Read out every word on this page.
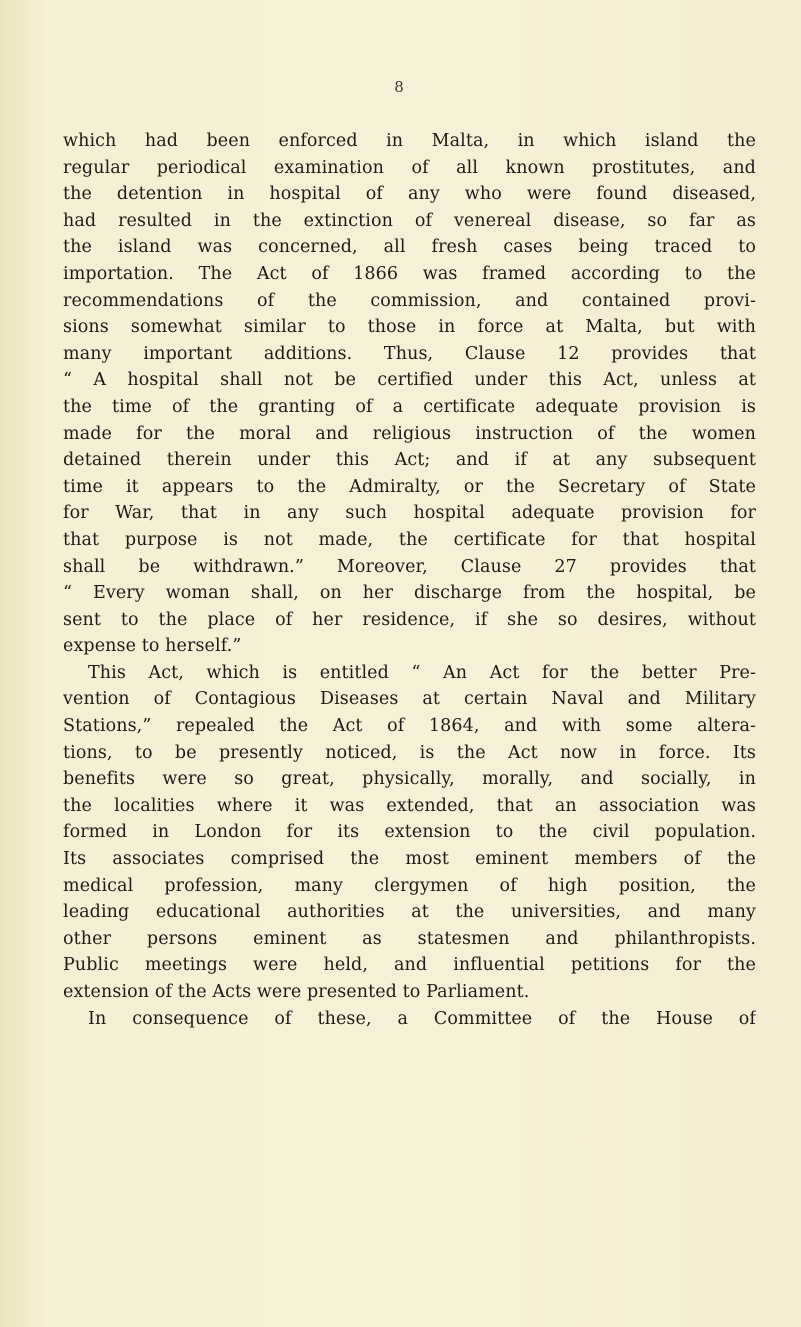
8
which had been enforced in Malta, in which island the
regular periodical examination of all known prostitutes, and
the detention in hospital of any who were found diseased,
had resulted in the extinction of venereal disease, so far as
the island was concerned, all fresh cases being traced to
importation. The Act of 1866 was framed according to the
recommendations of the commission, and contained provi-
sions somewhat similar to those in force at Malta, but with
many important additions. Thus, Clause 12 provides that
“ A hospital shall not be certified under this Act, unless at
the time of the granting of a certificate adequate provision is
made for the moral and religious instruction of the women
detained therein under this Act; and if at any subsequent
time it appears to the Admiralty, or the Secretary of State
for War, that in any such hospital adequate provision for
that purpose is not made, the certificate for that hospital
shall be withdrawn.” Moreover, Clause 27 provides that
“ Every woman shall, on her discharge from the hospital, be
sent to the place of her residence, if she so desires, without
expense to herself.”
This Act, which is entitled “ An Act for the better Pre-
vention of Contagious Diseases at certain Naval and Military
Stations,” repealed the Act of 1864, and with some altera-
tions, to be presently noticed, is the Act now in force. Its
benefits were so great, physically, morally, and socially, in
the localities where it was extended, that an association was
formed in London for its extension to the civil population.
Its associates comprised the most eminent members of the
medical profession, many clergymen of high position, the
leading educational authorities at the universities, and many
other persons eminent as statesmen and philanthropists.
Public meetings were held, and influential petitions for the
extension of the Acts were presented to Parliament.
In consequence of these, a Committee of the House of
